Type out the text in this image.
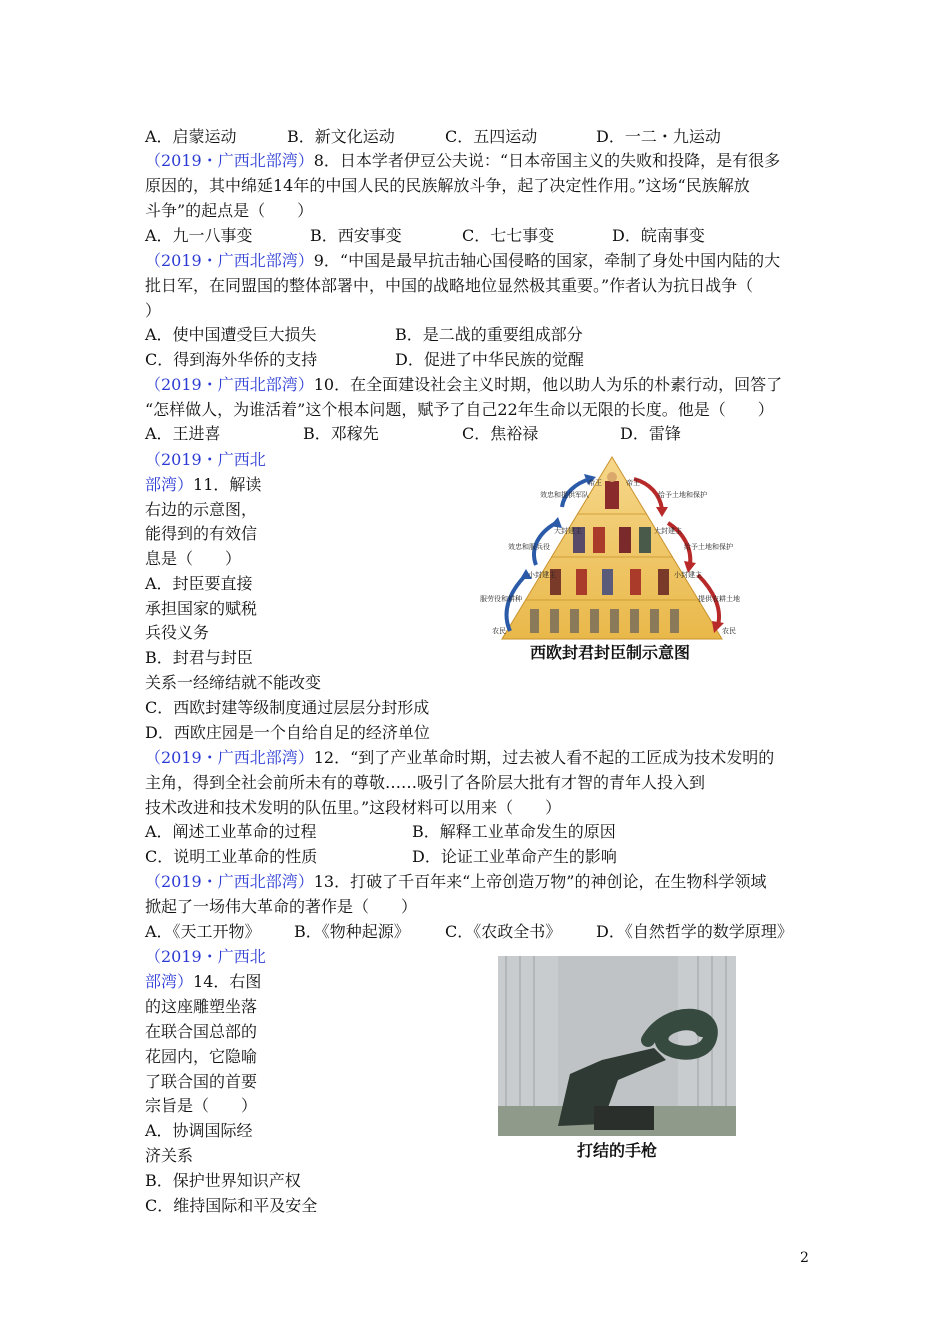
A．启蒙运动	B．新文化运动	C．五四运动	D．一二・九运动
（2019・广西北部湾）8．日本学者伊豆公夫说：“日本帝国主义的失败和投降，是有很多
原因的，其中绵延14年的中国人民的民族解放斗争，起了决定性作用。”这场“民族解放
斗争”的起点是（　　）
A．九一八事变	B．西安事变	C．七七事变	D．皖南事变
（2019・广西北部湾）9．“中国是最早抗击轴心国侵略的国家，牵制了身处中国内陆的大
批日军，在同盟国的整体部署中，中国的战略地位显然极其重要。”作者认为抗日战争（
）
A．使中国遭受巨大损失	B．是二战的重要组成部分
C．得到海外华侨的支持	D．促进了中华民族的觉醒
（2019・广西北部湾）10．在全面建设社会主义时期，他以助人为乐的朴素行动，回答了
“怎样做人，为谁活着”这个根本问题，赋予了自己22年生命以无限的长度。他是（　　）
A．王进喜	B．邓稼先	C．焦裕禄	D．雷锋
（2019・广西北
部湾）11．解读
右边的示意图，
能得到的有效信
息是（　　）
A．封臣要直接
承担国家的赋税
兵役义务
B．封君与封臣
关系一经缔结就不能改变
C．西欧封建等级制度通过层层分封形成
D．西欧庄园是一个自给自足的经济单位
帝王	帝王
大封建主	大封建主
小封建主	小封建主
农民	农民
效忠和提供军队
效忠和服兵役
服劳役和耕种
给予土地和保护
给予土地和保护
提供农耕土地
西欧封君封臣制示意图
（2019・广西北部湾）12．“到了产业革命时期，过去被人看不起的工匠成为技术发明的
主角，得到全社会前所未有的尊敬……吸引了各阶层大批有才智的青年人投入到
技术改进和技术发明的队伍里。”这段材料可以用来（　　）
A．阐述工业革命的过程	B．解释工业革命发生的原因
C．说明工业革命的性质	D．论证工业革命产生的影响
（2019・广西北部湾）13．打破了千百年来“上帝创造万物”的神创论，在生物科学领域
掀起了一场伟大革命的著作是（　　）
A．《天工开物》 B．《物种起源》 C．《农政全书》 D．《自然哲学的数学原理》
（2019・广西北
部湾）14．右图
的这座雕塑坐落
在联合国总部的
花园内，它隐喻
了联合国的首要
宗旨是（　　）
A．协调国际经
济关系
B．保护世界知识产权
C．维持国际和平及安全
打结的手枪
2
